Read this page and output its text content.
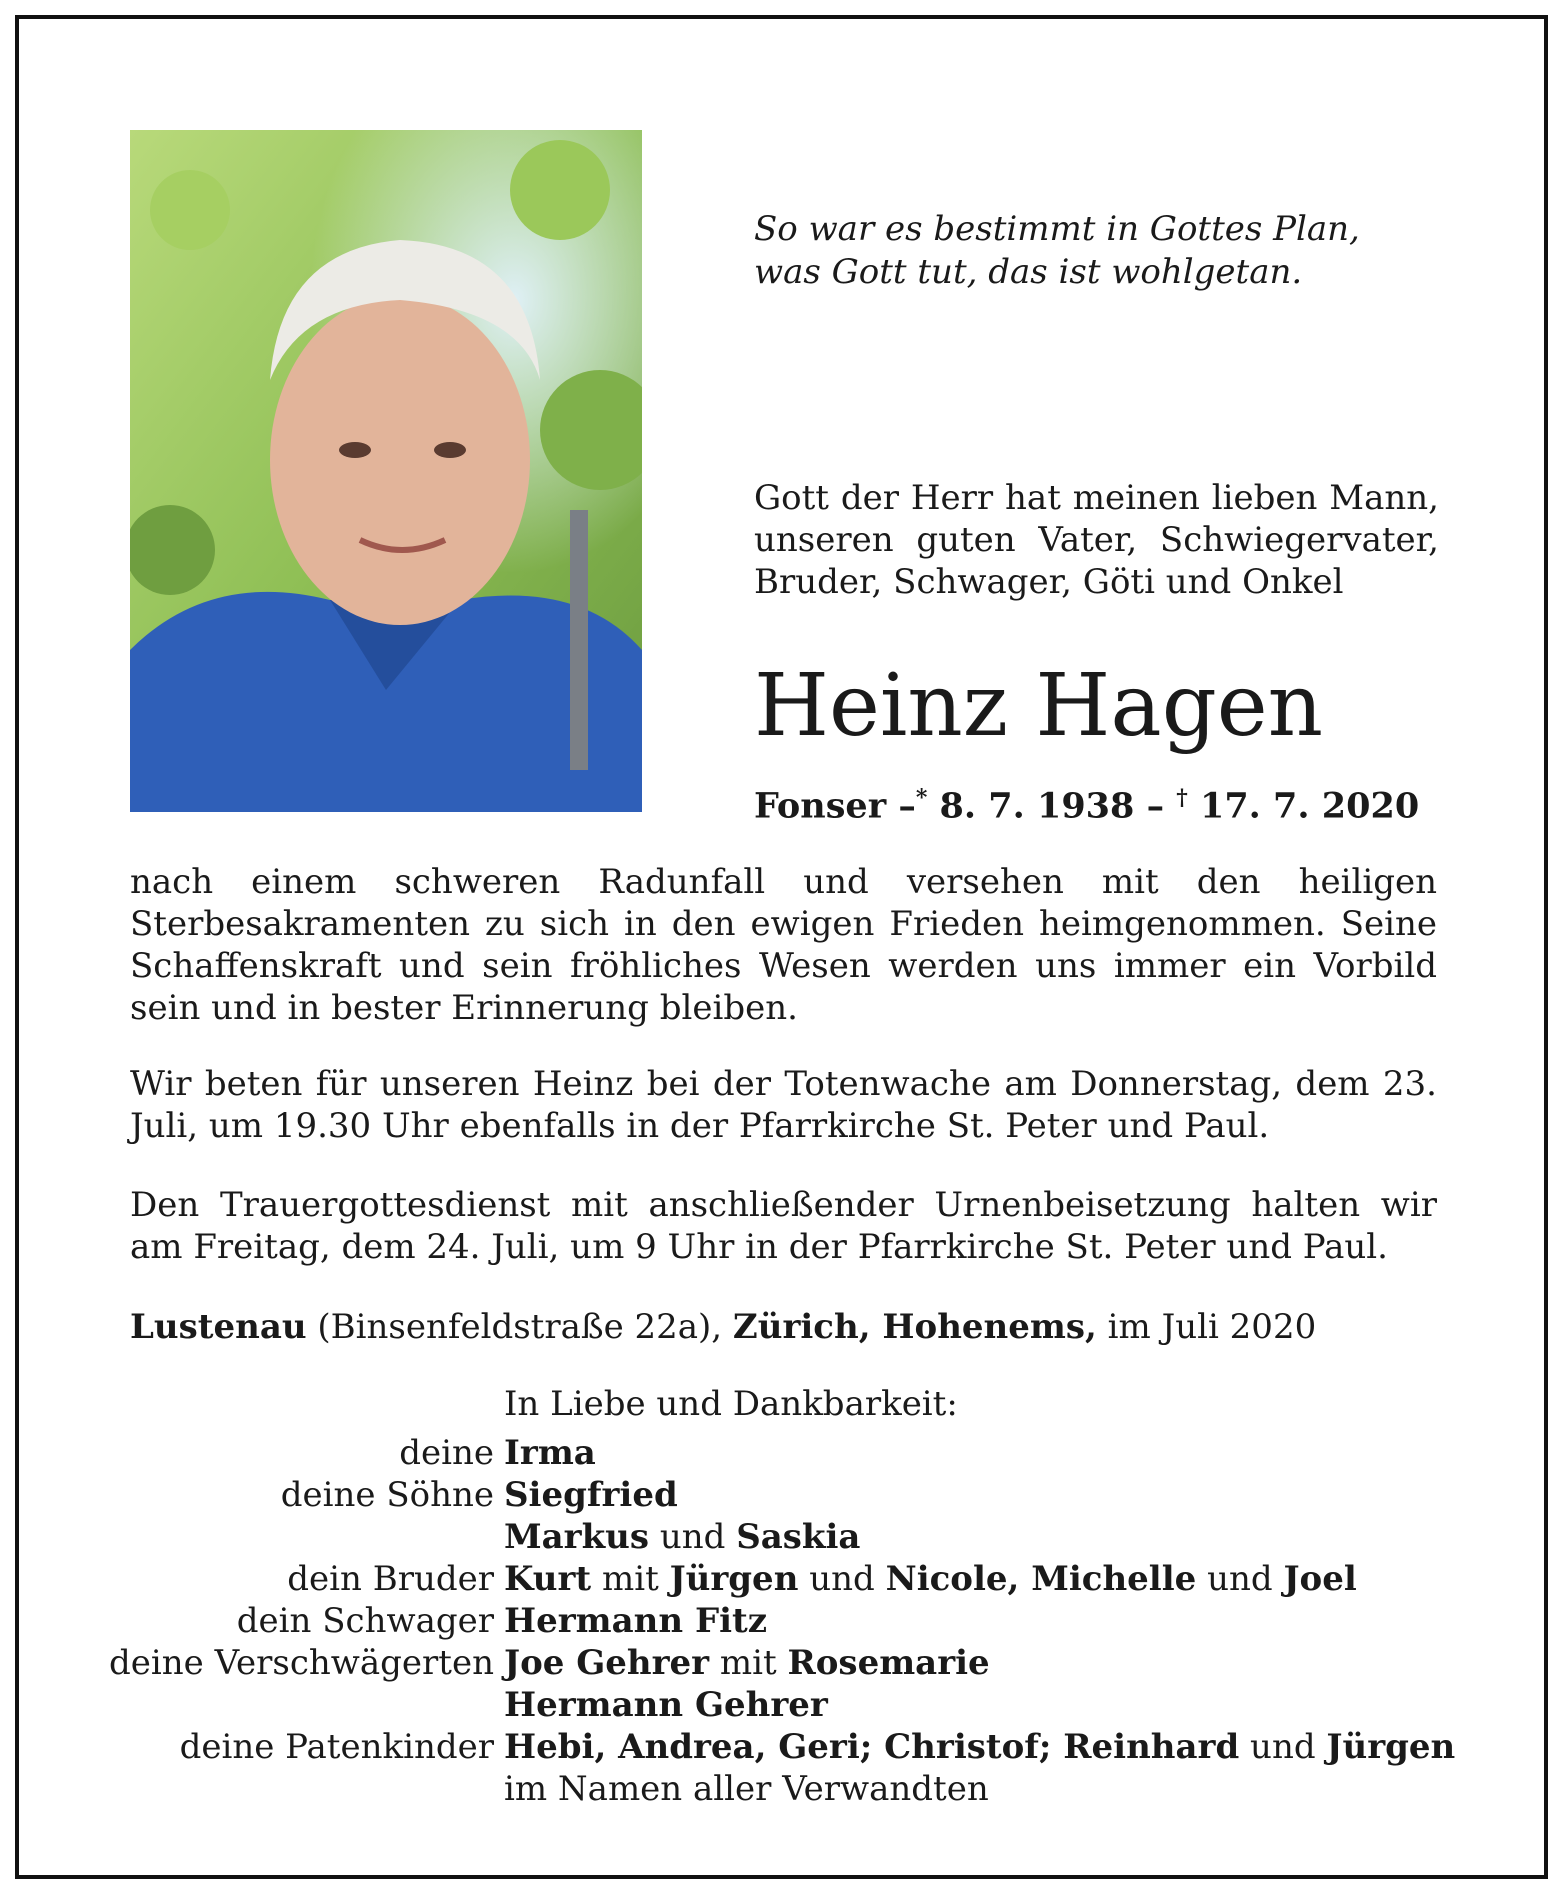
So war es bestimmt in Gottes Plan,
was Gott tut, das ist wohlgetan.
Gott der Herr hat meinen lieben Mann, unseren guten Vater, Schwiegervater, Bruder, Schwager, Göti und Onkel
Heinz Hagen
Fonser –* 8. 7. 1938 – † 17. 7. 2020
nach einem schweren Radunfall und versehen mit den heiligen Sterbesakramenten zu sich in den ewigen Frieden heimgenommen. Seine Schaffenskraft und sein fröhliches Wesen werden uns immer ein Vorbild sein und in bester Erinnerung bleiben.
Wir beten für unseren Heinz bei der Totenwache am Donnerstag, dem 23. Juli, um 19.30 Uhr ebenfalls in der Pfarrkirche St. Peter und Paul.
Den Trauergottesdienst mit anschließender Urnenbeisetzung halten wir am Freitag, dem 24. Juli, um 9 Uhr in der Pfarrkirche St. Peter und Paul.
Lustenau (Binsenfeldstraße 22a), Zürich, Hohenems, im Juli 2020
In Liebe und Dankbarkeit:
deine Irma
deine Söhne Siegfried
Markus und Saskia
dein Bruder Kurt mit Jürgen und Nicole, Michelle und Joel
dein Schwager Hermann Fitz
deine Verschwägerten Joe Gehrer mit Rosemarie
Hermann Gehrer
deine Patenkinder Hebi, Andrea, Geri; Christof; Reinhard und Jürgen
im Namen aller Verwandten
